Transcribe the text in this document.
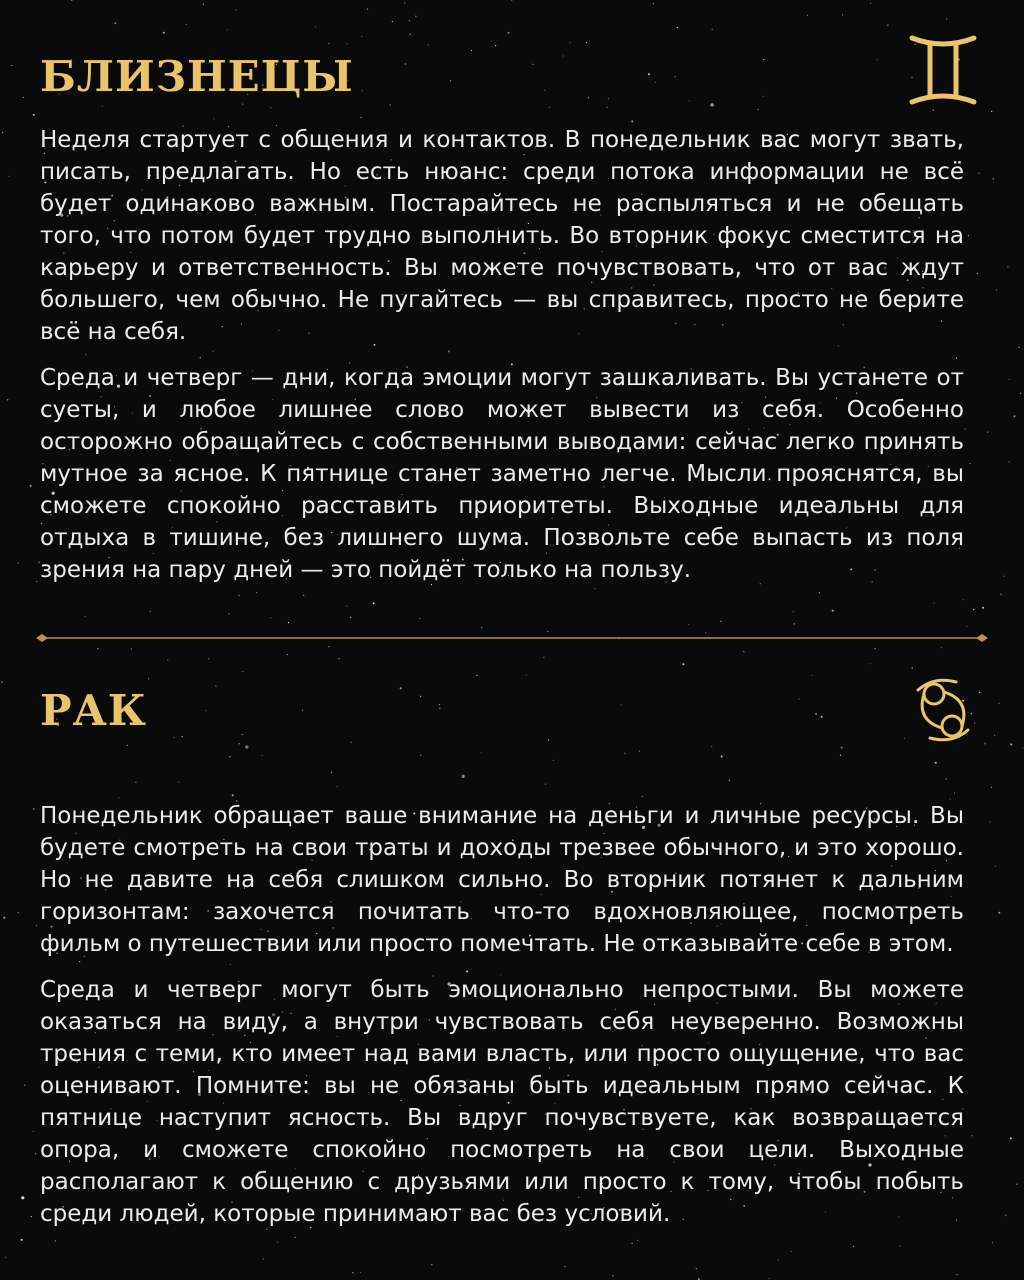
БЛИЗНЕЦЫ

Неделя стартует с общения и контактов. В понедельник вас могут звать, писать, предлагать. Но есть нюанс: среди потока информации не всё будет одинаково важным. Постарайтесь не распыляться и не обещать того, что потом будет трудно выполнить. Во вторник фокус сместится на карьеру и ответственность. Вы можете почувствовать, что от вас ждут большего, чем обычно. Не пугайтесь — вы справитесь, просто не берите всё на себя.

Среда и четверг — дни, когда эмоции могут зашкаливать. Вы устанете от суеты, и любое лишнее слово может вывести из себя. Особенно осторожно обращайтесь с собственными выводами: сейчас легко принять мутное за ясное. К пятнице станет заметно легче. Мысли прояснятся, вы сможете спокойно расставить приоритеты. Выходные идеальны для отдыха в тишине, без лишнего шума. Позвольте себе выпасть из поля зрения на пару дней — это пойдёт только на пользу.

РАК

Понедельник обращает ваше внимание на деньги и личные ресурсы. Вы будете смотреть на свои траты и доходы трезвее обычного, и это хорошо. Но не давите на себя слишком сильно. Во вторник потянет к дальним горизонтам: захочется почитать что-то вдохновляющее, посмотреть фильм о путешествии или просто помечтать. Не отказывайте себе в этом.

Среда и четверг могут быть эмоционально непростыми. Вы можете оказаться на виду, а внутри чувствовать себя неуверенно. Возможны трения с теми, кто имеет над вами власть, или просто ощущение, что вас оценивают. Помните: вы не обязаны быть идеальным прямо сейчас. К пятнице наступит ясность. Вы вдруг почувствуете, как возвращается опора, и сможете спокойно посмотреть на свои цели. Выходные располагают к общению с друзьями или просто к тому, чтобы побыть среди людей, которые принимают вас без условий.
